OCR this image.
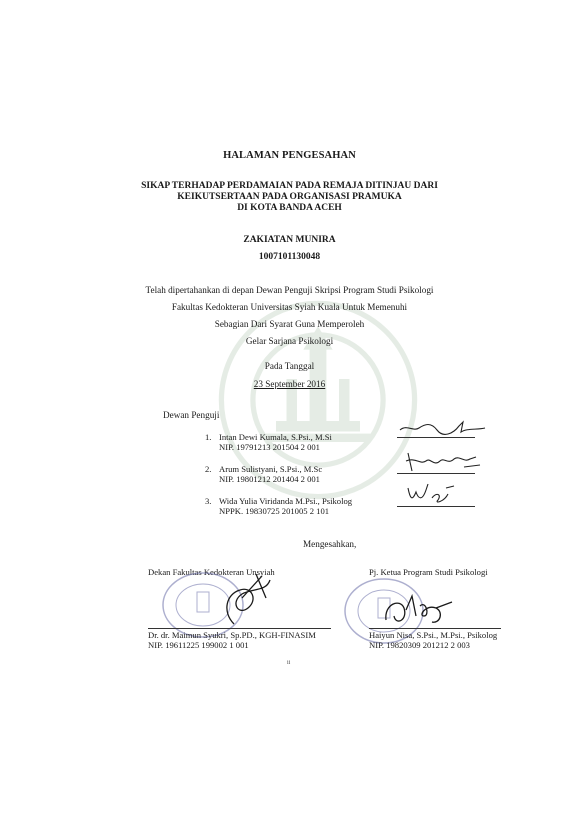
HALAMAN PENGESAHAN
SIKAP TERHADAP PERDAMAIAN PADA REMAJA DITINJAU DARI
KEIKUTSERTAAN PADA ORGANISASI PRAMUKA
DI KOTA BANDA ACEH
ZAKIATAN MUNIRA
1007101130048
Telah dipertahankan di depan Dewan Penguji Skripsi Program Studi Psikologi
Fakultas Kedokteran Universitas Syiah Kuala Untuk Memenuhi
Sebagian Dari Syarat Guna Memperoleh
Gelar Sarjana Psikologi
Pada Tanggal
23 September 2016
Dewan Penguji
1. Intan Dewi Kumala, S.Psi., M.Si
NIP. 19791213 201504 2 001
2. Arum Sulistyani, S.Psi., M.Sc
NIP. 19801212 201404 2 001
3. Wida Yulia Viridanda M.Psi., Psikolog
NPPK. 19830725 201005 2 101
Mengesahkan,
Dekan Fakultas Kedokteran Unsyiah
Dr. dr. Maimun Syukri, Sp.PD., KGH-FINASIM
NIP. 19611225 199002 1 001
Pj. Ketua Program Studi Psikologi
Haiyun Nisa, S.Psi., M.Psi., Psikolog
NIP. 19820309 201212 2 003
ii
